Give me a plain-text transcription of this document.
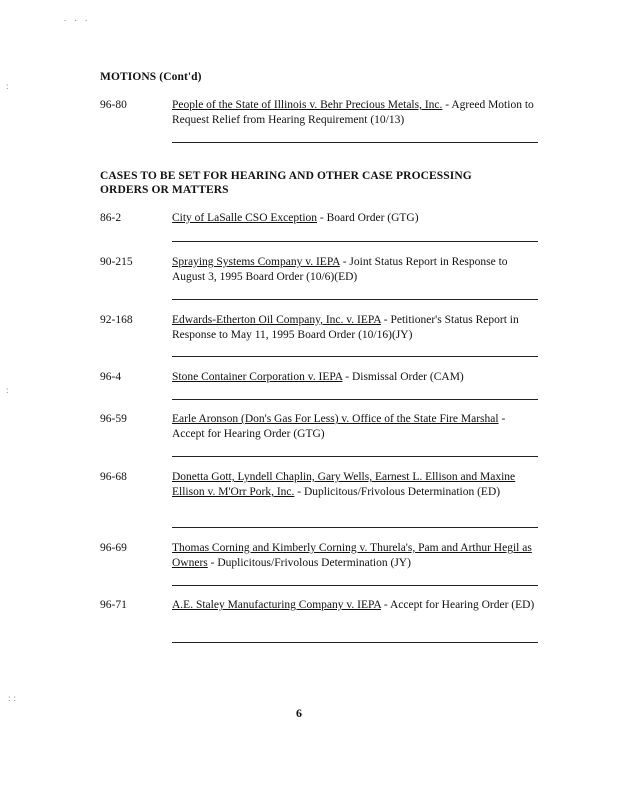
. . .
:
:
::
MOTIONS (Cont'd)
96-80	People of the State of Illinois v. Behr Precious Metals, Inc. - Agreed Motion to Request Relief from Hearing Requirement (10/13)
CASES TO BE SET FOR HEARING AND OTHER CASE PROCESSING ORDERS OR MATTERS
86-2	City of LaSalle CSO Exception - Board Order (GTG)
90-215	Spraying Systems Company v. IEPA - Joint Status Report in Response to August 3, 1995 Board Order (10/6)(ED)
92-168	Edwards-Etherton Oil Company, Inc. v. IEPA - Petitioner's Status Report in Response to May 11, 1995 Board Order (10/16)(JY)
96-4	Stone Container Corporation v. IEPA - Dismissal Order (CAM)
96-59	Earle Aronson (Don's Gas For Less) v. Office of the State Fire Marshal - Accept for Hearing Order (GTG)
96-68	Donetta Gott, Lyndell Chaplin, Gary Wells, Earnest L. Ellison and Maxine Ellison v. M'Orr Pork, Inc. - Duplicitous/Frivolous Determination (ED)
96-69	Thomas Corning and Kimberly Corning v. Thurela's, Pam and Arthur Hegil as Owners - Duplicitous/Frivolous Determination (JY)
96-71	A.E. Staley Manufacturing Company v. IEPA - Accept for Hearing Order (ED)
6
